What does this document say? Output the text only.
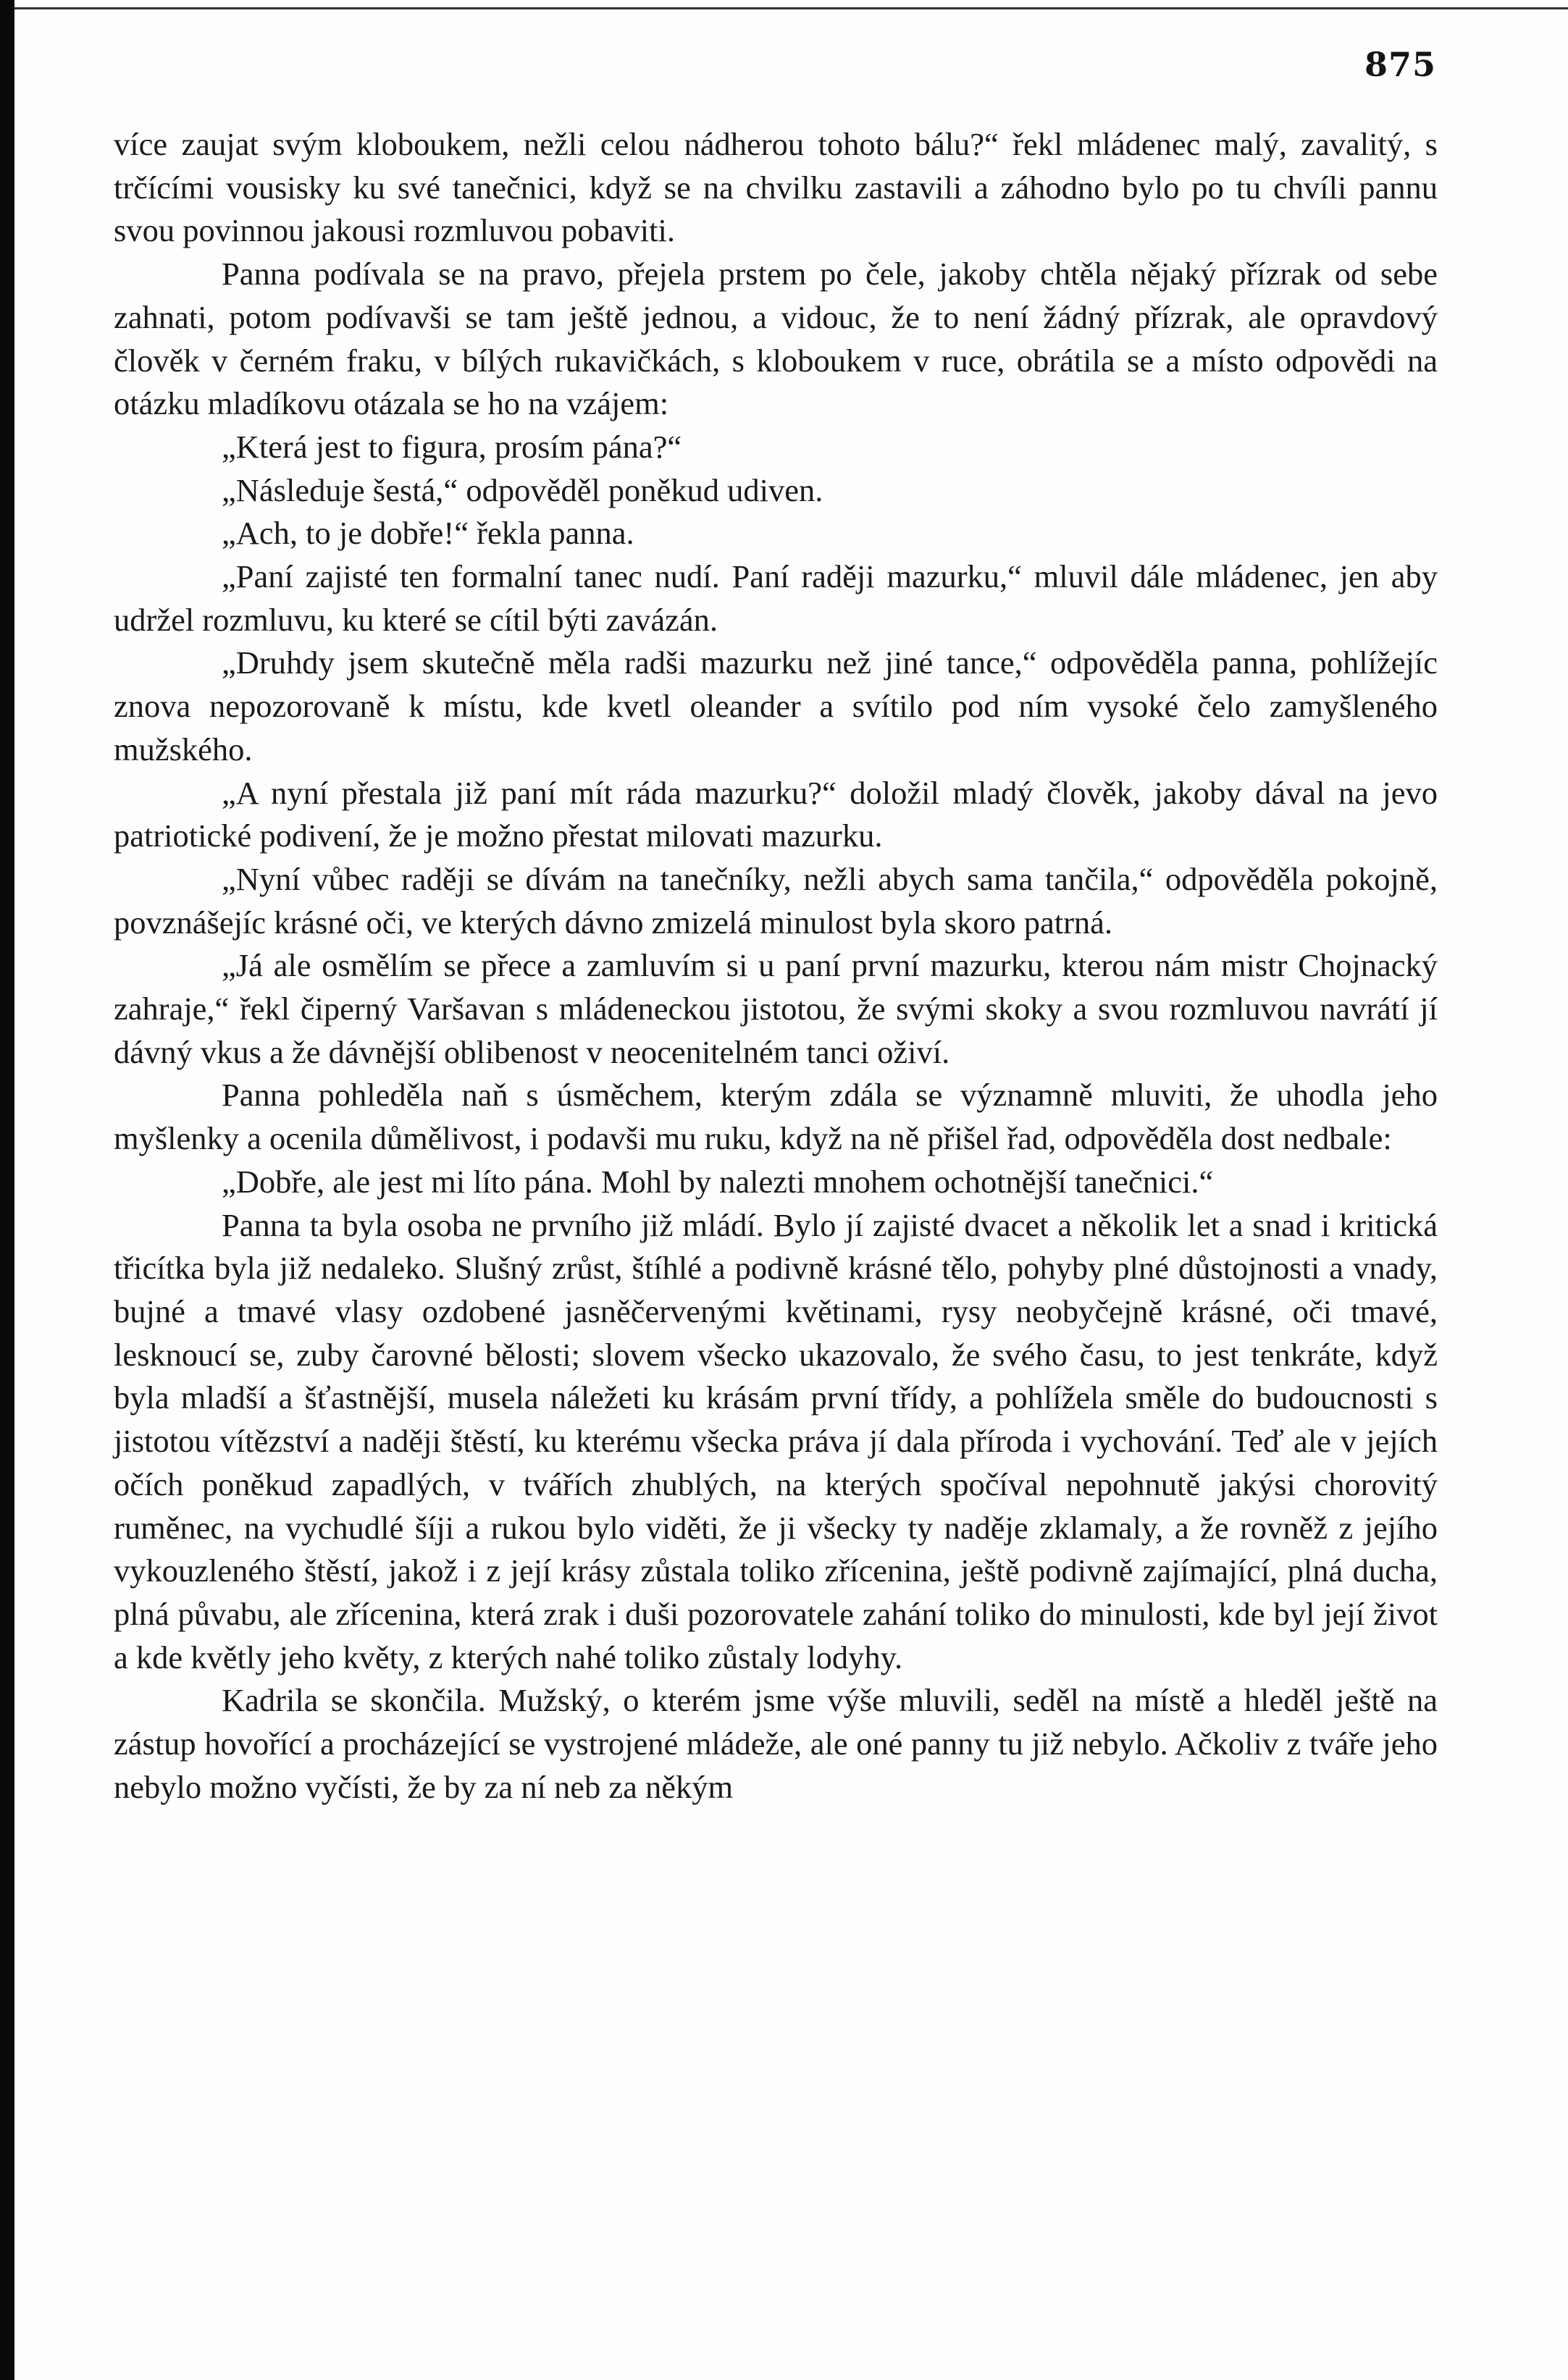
875

více zaujat svým kloboukem, nežli celou nádherou tohoto bálu?“ řekl mládenec malý, zavalitý, s trčícími vousisky ku své tanečnici, když se na chvilku zastavili a záhodno bylo po tu chvíli pannu svou povinnou jakousi rozmluvou pobaviti.

Panna podívala se na pravo, přejela prstem po čele, jakoby chtěla nějaký přízrak od sebe zahnati, potom podívavši se tam ještě jednou, a vidouc, že to není žádný přízrak, ale opravdový člověk v černém fraku, v bílých rukavičkách, s kloboukem v ruce, obrátila se a místo odpovědi na otázku mladíkovu otázala se ho na vzájem:

„Která jest to figura, prosím pána?“

„Následuje šestá,“ odpověděl poněkud udiven.

„Ach, to je dobře!“ řekla panna.

„Paní zajisté ten formalní tanec nudí. Paní raději mazurku,“ mluvil dále mládenec, jen aby udržel rozmluvu, ku které se cítil býti zavázán.

„Druhdy jsem skutečně měla radši mazurku než jiné tance,“ odpověděla panna, pohlížejíc znova nepozorovaně k místu, kde kvetl oleander a svítilo pod ním vysoké čelo zamyšleného mužského.

„A nyní přestala již paní mít ráda mazurku?“ doložil mladý člověk, jakoby dával na jevo patriotické podivení, že je možno přestat milovati mazurku.

„Nyní vůbec raději se dívám na tanečníky, nežli abych sama tančila,“ odpověděla pokojně, povznášejíc krásné oči, ve kterých dávno zmizelá minulost byla skoro patrná.

„Já ale osmělím se přece a zamluvím si u paní první mazurku, kterou nám mistr Chojnacký zahraje,“ řekl čiperný Varšavan s mládeneckou jistotou, že svými skoky a svou rozmluvou navrátí jí dávný vkus a že dávnější oblibenost v neocenitelném tanci oživí.

Panna pohleděla naň s úsměchem, kterým zdála se významně mluviti, že uhodla jeho myšlenky a ocenila důmělivost, i podavši mu ruku, když na ně přišel řad, odpověděla dost nedbale:

„Dobře, ale jest mi líto pána. Mohl by nalezti mnohem ochotnější tanečnici.“

Panna ta byla osoba ne prvního již mládí. Bylo jí zajisté dvacet a několik let a snad i kritická třicítka byla již nedaleko. Slušný zrůst, štíhlé a podivně krásné tělo, pohyby plné důstojnosti a vnady, bujné a tmavé vlasy ozdobené jasněčervenými květinami, rysy neobyčejně krásné, oči tmavé, lesknoucí se, zuby čarovné bělosti; slovem všecko ukazovalo, že svého času, to jest tenkráte, když byla mladší a šťastnější, musela náležeti ku krásám první třídy, a pohlížela směle do budoucnosti s jistotou vítězství a naději štěstí, ku kterému všecka práva jí dala příroda i vychování. Teď ale v jejích očích poněkud zapadlých, v tvářích zhublých, na kterých spočíval nepohnutě jakýsi chorovitý ruměnec, na vychudlé šíji a rukou bylo viděti, že ji všecky ty naděje zklamaly, a že rovněž z jejího vykouzleného štěstí, jakož i z její krásy zůstala toliko zřícenina, ještě podivně zajímající, plná ducha, plná půvabu, ale zřícenina, která zrak i duši pozorovatele zahání toliko do minulosti, kde byl její život a kde květly jeho květy, z kterých nahé toliko zůstaly lodyhy.

Kadrila se skončila. Mužský, o kterém jsme výše mluvili, seděl na místě a hleděl ještě na zástup hovořící a procházející se vystrojené mládeže, ale oné panny tu již nebylo. Ačkoliv z tváře jeho nebylo možno vyčísti, že by za ní neb za někým
